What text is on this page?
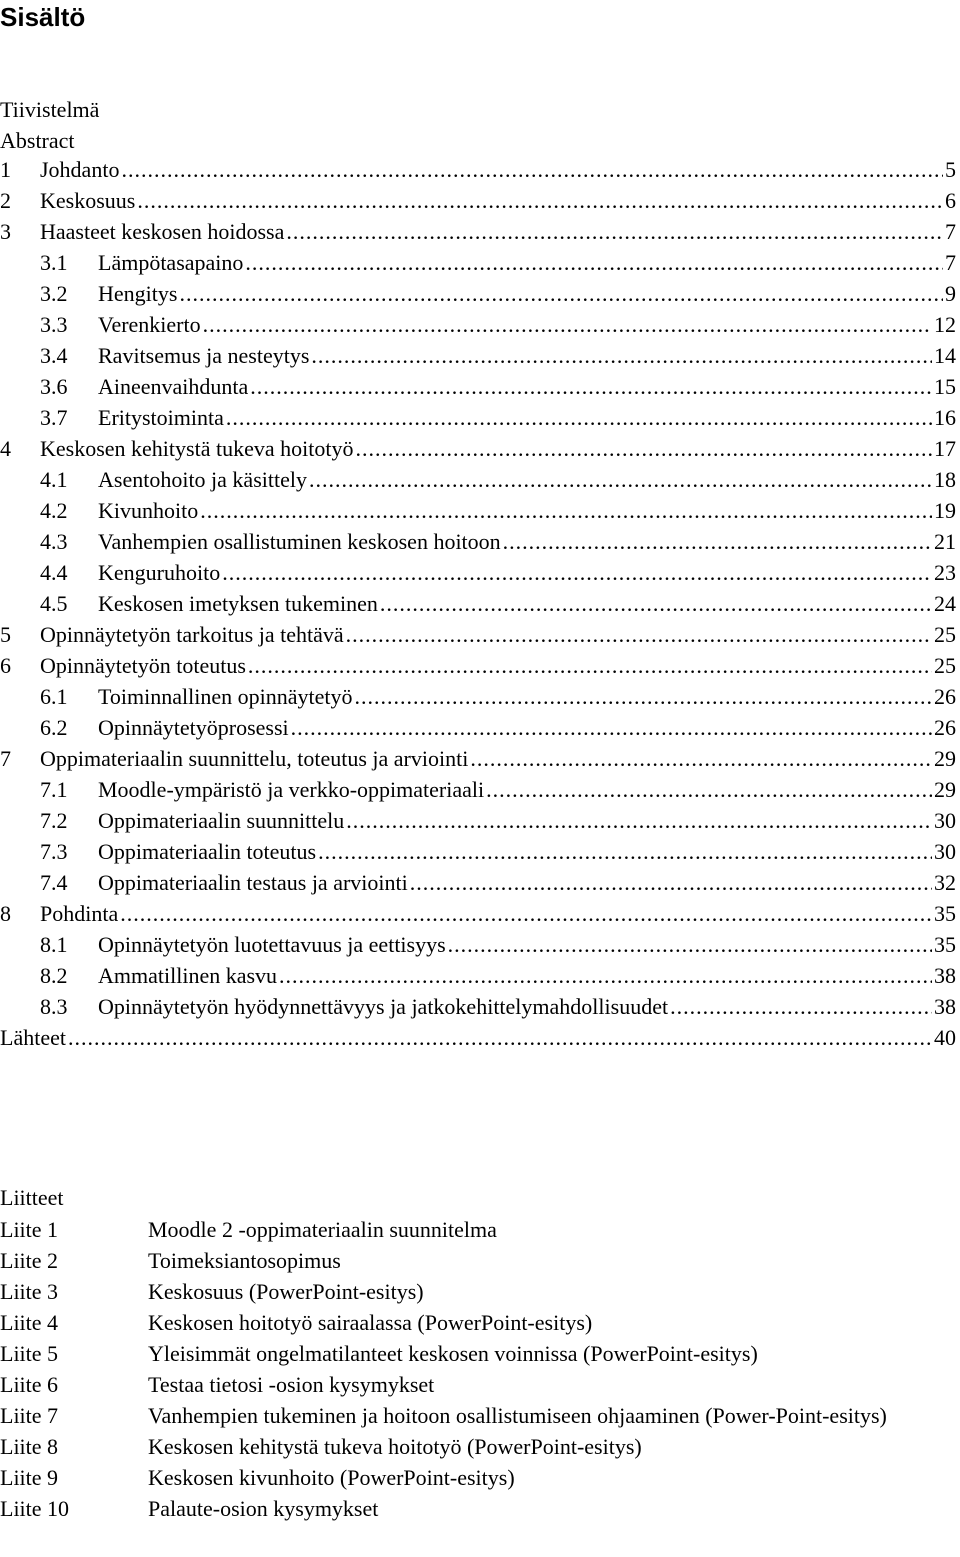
Sisältö
Tiivistelmä
Abstract
1	Johdanto .....	5
2	Keskosuus .....	6
3	Haasteet keskosen hoidossa .....	7
3.1	Lämpötasapaino .....	7
3.2	Hengitys .....	9
3.3	Verenkierto .....	12
3.4	Ravitsemus ja nesteytys .....	14
3.6	Aineenvaihdunta .....	15
3.7	Eritystoiminta .....	16
4	Keskosen kehitystä tukeva hoitotyö .....	17
4.1	Asentohoito ja käsittely .....	18
4.2	Kivunhoito .....	19
4.3	Vanhempien osallistuminen keskosen hoitoon .....	21
4.4	Kenguruhoito .....	23
4.5	Keskosen imetyksen tukeminen .....	24
5	Opinnäytetyön tarkoitus ja tehtävä .....	25
6	Opinnäytetyön toteutus .....	25
6.1	Toiminnallinen opinnäytetyö .....	26
6.2	Opinnäytetyöprosessi .....	26
7	Oppimateriaalin suunnittelu, toteutus ja arviointi .....	29
7.1	Moodle-ympäristö ja verkko-oppimateriaali .....	29
7.2	Oppimateriaalin suunnittelu .....	30
7.3	Oppimateriaalin toteutus .....	30
7.4	Oppimateriaalin testaus ja arviointi .....	32
8	Pohdinta .....	35
8.1	Opinnäytetyön luotettavuus ja eettisyys .....	35
8.2	Ammatillinen kasvu .....	38
8.3	Opinnäytetyön hyödynnettävyys ja jatkokehittelymahdollisuudet .....	38
Lähteet .....	40
Liitteet
Liite 1	Moodle 2 -oppimateriaalin suunnitelma
Liite 2	Toimeksiantosopimus
Liite 3	Keskosuus (PowerPoint-esitys)
Liite 4	Keskosen hoitotyö sairaalassa (PowerPoint-esitys)
Liite 5	Yleisimmät ongelmatilanteet keskosen voinnissa (PowerPoint-esitys)
Liite 6	Testaa tietosi -osion kysymykset
Liite 7	Vanhempien tukeminen ja hoitoon osallistumiseen ohjaaminen (Power-Point-esitys)
Liite 8	Keskosen kehitystä tukeva hoitotyö (PowerPoint-esitys)
Liite 9	Keskosen kivunhoito (PowerPoint-esitys)
Liite 10	Palaute-osion kysymykset
